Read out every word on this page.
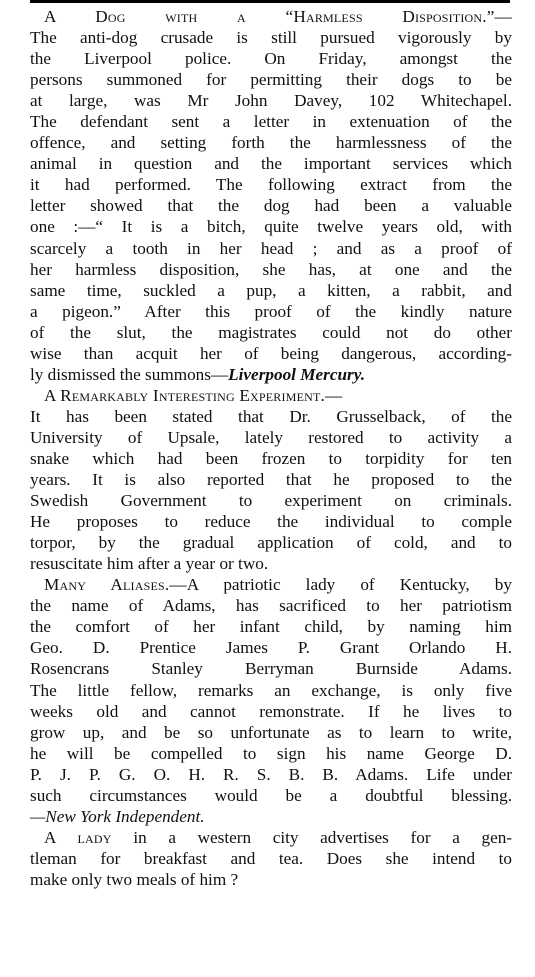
A Dog with a “Harmless Disposition.”—
The anti-dog crusade is still pursued vigorously by
the Liverpool police. On Friday, amongst the
persons summoned for permitting their dogs to be
at large, was Mr John Davey, 102 Whitechapel.
The defendant sent a letter in extenuation of the
offence, and setting forth the harmlessness of the
animal in question and the important services which
it had performed. The following extract from the
letter showed that the dog had been a valuable
one :—“ It is a bitch, quite twelve years old, with
scarcely a tooth in her head ; and as a proof of
her harmless disposition, she has, at one and the
same time, suckled a pup, a kitten, a rabbit, and
a pigeon.” After this proof of the kindly nature
of the slut, the magistrates could not do other
wise than acquit her of being dangerous, according-
ly dismissed the summons—Liverpool Mercury.
A Remarkably Interesting Experiment.—
It has been stated that Dr. Grusselback, of the
University of Upsale, lately restored to activity a
snake which had been frozen to torpidity for ten
years. It is also reported that he proposed to the
Swedish Government to experiment on criminals.
He proposes to reduce the individual to comple
torpor, by the gradual application of cold, and to
resuscitate him after a year or two.
Many Aliases.—A patriotic lady of Kentucky, by
the name of Adams, has sacrificed to her patriotism
the comfort of her infant child, by naming him
Geo. D. Prentice James P. Grant Orlando H.
Rosencrans Stanley Berryman Burnside Adams.
The little fellow, remarks an exchange, is only five
weeks old and cannot remonstrate. If he lives to
grow up, and be so unfortunate as to learn to write,
he will be compelled to sign his name George D.
P. J. P. G. O. H. R. S. B. B. Adams. Life under
such circumstances would be a doubtful blessing.
—New York Independent.
A lady in a western city advertises for a gen-
tleman for breakfast and tea. Does she intend to
make only two meals of him ?
